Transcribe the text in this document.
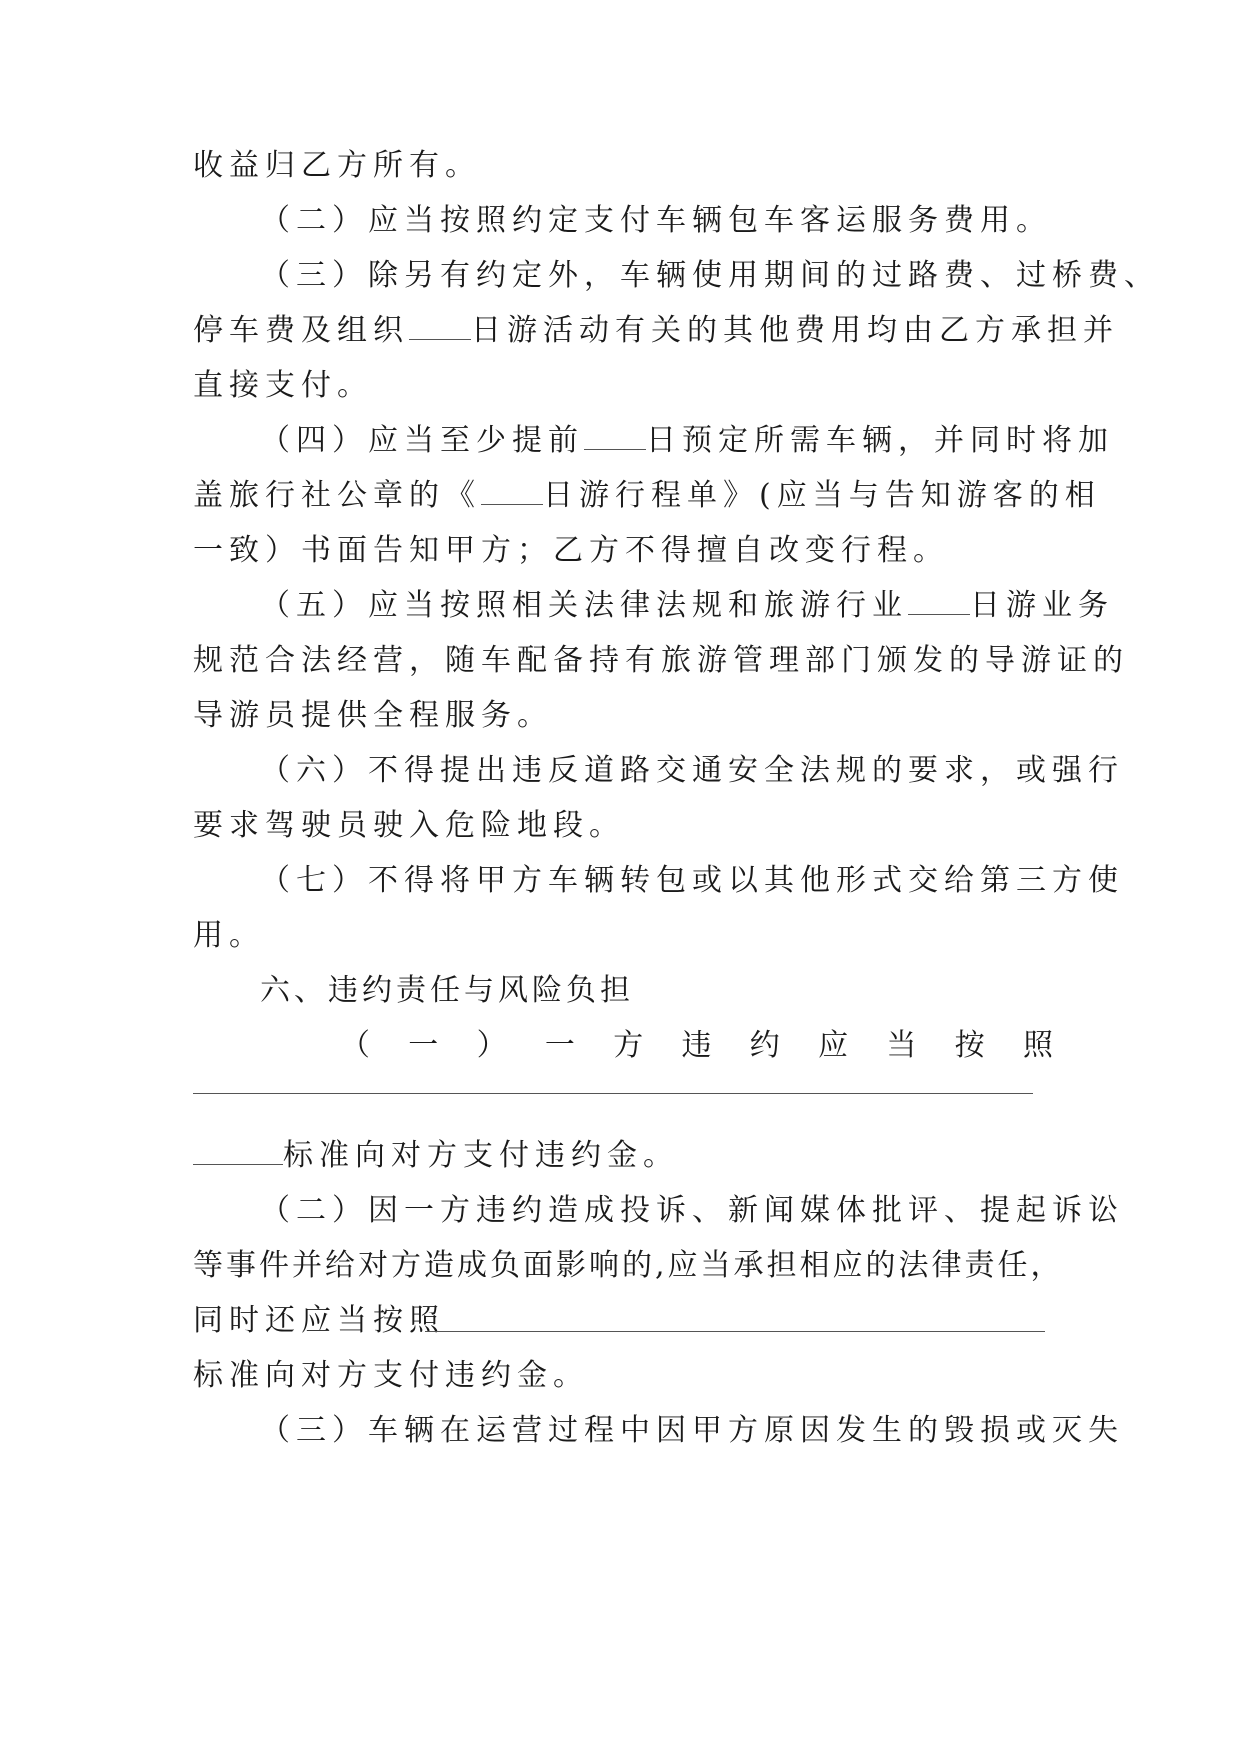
收益归乙方所有。
（二）应当按照约定支付车辆包车客运服务费用。
（三）除另有约定外，车辆使用期间的过路费、过桥费、
停车费及组织 日游活动有关的其他费用均由乙方承担并
直接支付。
（四）应当至少提前 日预定所需车辆，并同时将加
盖旅行社公章的《 日游行程单》(应当与告知游客的相
一致）书面告知甲方；乙方不得擅自改变行程。
（五）应当按照相关法律法规和旅游行业 日游业务
规范合法经营，随车配备持有旅游管理部门颁发的导游证的
导游员提供全程服务。
（六）不得提出违反道路交通安全法规的要求，或强行
要求驾驶员驶入危险地段。
（七）不得将甲方车辆转包或以其他形式交给第三方使
用。
六、违约责任与风险负担
（ 一 ） 一 方 违 约 应 当 按 照
标准向对方支付违约金。
（二）因一方违约造成投诉、新闻媒体批评、提起诉讼
等事件并给对方造成负面影响的,应当承担相应的法律责任，
同时还应当按照
标准向对方支付违约金。
（三）车辆在运营过程中因甲方原因发生的毁损或灭失
